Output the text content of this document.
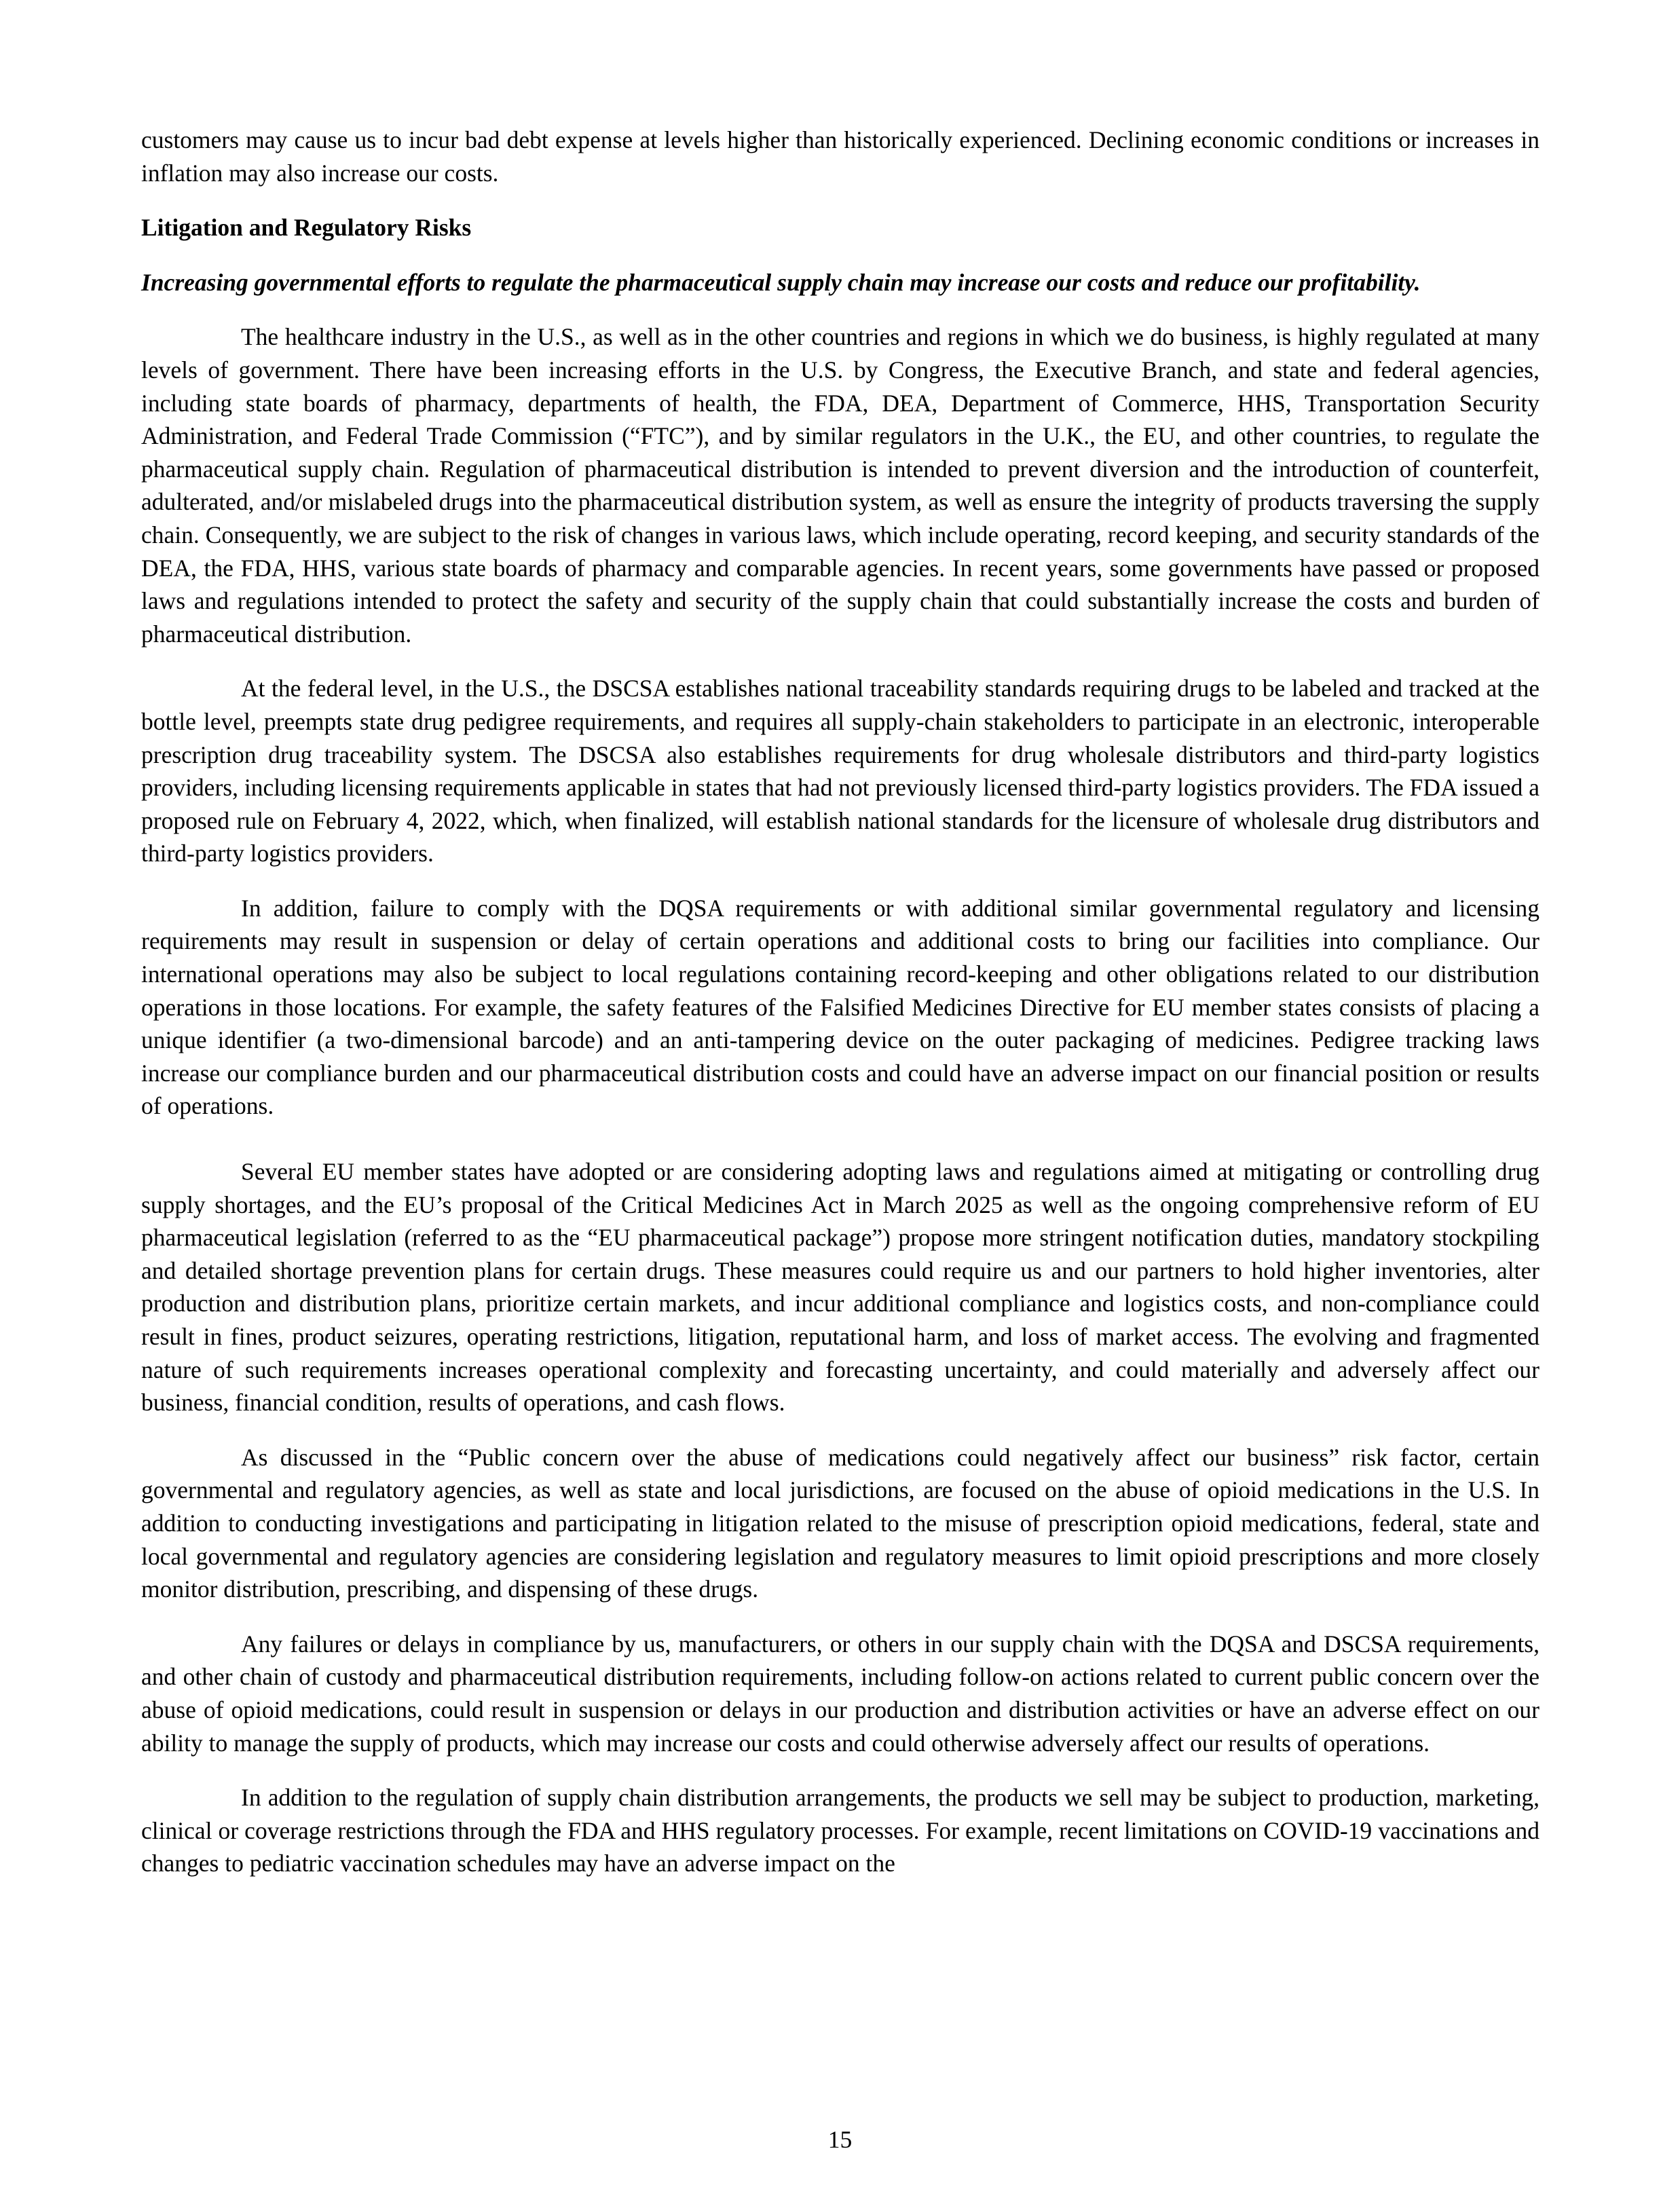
customers may cause us to incur bad debt expense at levels higher than historically experienced. Declining economic conditions or increases in inflation may also increase our costs.

Litigation and Regulatory Risks

Increasing governmental efforts to regulate the pharmaceutical supply chain may increase our costs and reduce our profitability.

The healthcare industry in the U.S., as well as in the other countries and regions in which we do business, is highly regulated at many levels of government. There have been increasing efforts in the U.S. by Congress, the Executive Branch, and state and federal agencies, including state boards of pharmacy, departments of health, the FDA, DEA, Department of Commerce, HHS, Transportation Security Administration, and Federal Trade Commission (“FTC”), and by similar regulators in the U.K., the EU, and other countries, to regulate the pharmaceutical supply chain. Regulation of pharmaceutical distribution is intended to prevent diversion and the introduction of counterfeit, adulterated, and/or mislabeled drugs into the pharmaceutical distribution system, as well as ensure the integrity of products traversing the supply chain. Consequently, we are subject to the risk of changes in various laws, which include operating, record keeping, and security standards of the DEA, the FDA, HHS, various state boards of pharmacy and comparable agencies. In recent years, some governments have passed or proposed laws and regulations intended to protect the safety and security of the supply chain that could substantially increase the costs and burden of pharmaceutical distribution.

At the federal level, in the U.S., the DSCSA establishes national traceability standards requiring drugs to be labeled and tracked at the bottle level, preempts state drug pedigree requirements, and requires all supply-chain stakeholders to participate in an electronic, interoperable prescription drug traceability system. The DSCSA also establishes requirements for drug wholesale distributors and third-party logistics providers, including licensing requirements applicable in states that had not previously licensed third-party logistics providers. The FDA issued a proposed rule on February 4, 2022, which, when finalized, will establish national standards for the licensure of wholesale drug distributors and third-party logistics providers.

In addition, failure to comply with the DQSA requirements or with additional similar governmental regulatory and licensing requirements may result in suspension or delay of certain operations and additional costs to bring our facilities into compliance. Our international operations may also be subject to local regulations containing record-keeping and other obligations related to our distribution operations in those locations. For example, the safety features of the Falsified Medicines Directive for EU member states consists of placing a unique identifier (a two-dimensional barcode) and an anti-tampering device on the outer packaging of medicines. Pedigree tracking laws increase our compliance burden and our pharmaceutical distribution costs and could have an adverse impact on our financial position or results of operations.

Several EU member states have adopted or are considering adopting laws and regulations aimed at mitigating or controlling drug supply shortages, and the EU’s proposal of the Critical Medicines Act in March 2025 as well as the ongoing comprehensive reform of EU pharmaceutical legislation (referred to as the “EU pharmaceutical package”) propose more stringent notification duties, mandatory stockpiling and detailed shortage prevention plans for certain drugs. These measures could require us and our partners to hold higher inventories, alter production and distribution plans, prioritize certain markets, and incur additional compliance and logistics costs, and non-compliance could result in fines, product seizures, operating restrictions, litigation, reputational harm, and loss of market access. The evolving and fragmented nature of such requirements increases operational complexity and forecasting uncertainty, and could materially and adversely affect our business, financial condition, results of operations, and cash flows.

As discussed in the “Public concern over the abuse of medications could negatively affect our business” risk factor, certain governmental and regulatory agencies, as well as state and local jurisdictions, are focused on the abuse of opioid medications in the U.S. In addition to conducting investigations and participating in litigation related to the misuse of prescription opioid medications, federal, state and local governmental and regulatory agencies are considering legislation and regulatory measures to limit opioid prescriptions and more closely monitor distribution, prescribing, and dispensing of these drugs.

Any failures or delays in compliance by us, manufacturers, or others in our supply chain with the DQSA and DSCSA requirements, and other chain of custody and pharmaceutical distribution requirements, including follow-on actions related to current public concern over the abuse of opioid medications, could result in suspension or delays in our production and distribution activities or have an adverse effect on our ability to manage the supply of products, which may increase our costs and could otherwise adversely affect our results of operations.

In addition to the regulation of supply chain distribution arrangements, the products we sell may be subject to production, marketing, clinical or coverage restrictions through the FDA and HHS regulatory processes. For example, recent limitations on COVID-19 vaccinations and changes to pediatric vaccination schedules may have an adverse impact on the

15
